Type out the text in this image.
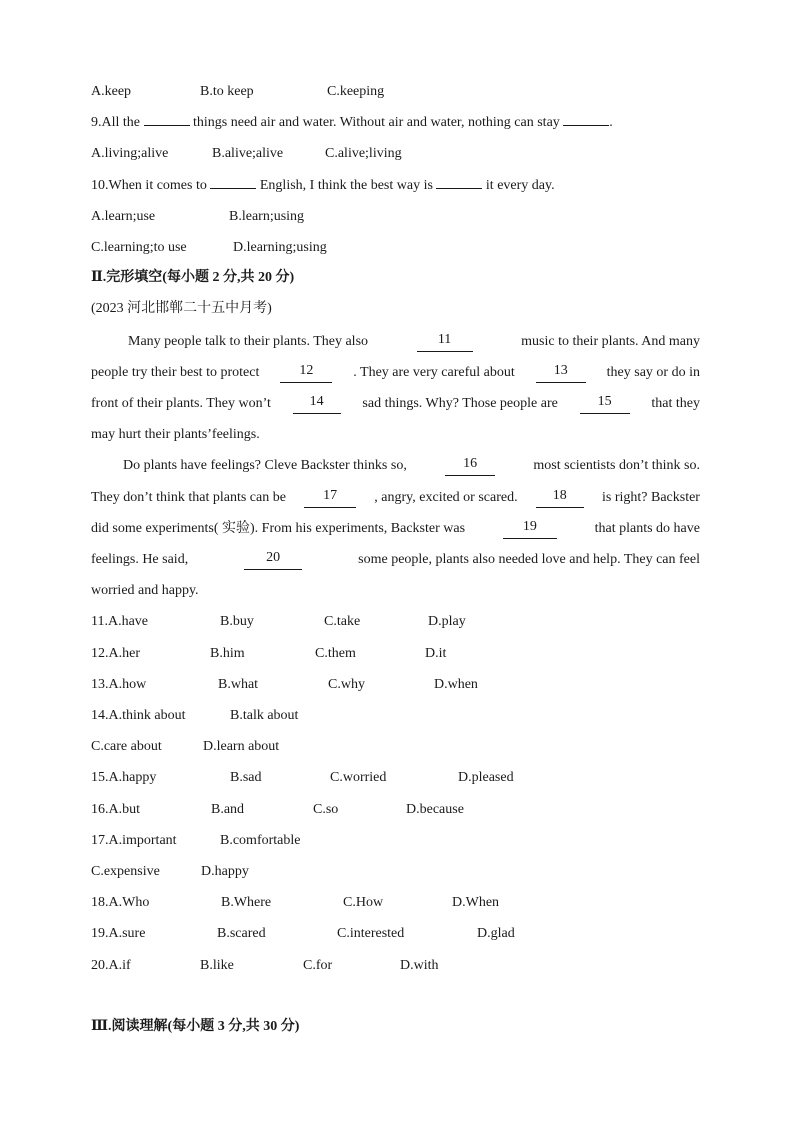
A.keep	B.to keep	C.keeping
9.All the	things need air and water. Without air and water, nothing can stay	.
A.living;alive	B.alive;alive	C.alive;living
10.When it comes to	English, I think the best way is	it every day.
A.learn;use	B.learn;using
C.learning;to use	D.learning;using
Ⅱ.完形填空(每小题 2 分,共 20 分)
(2023 河北邯郸二十五中月考)
Many people talk to their plants. They also	11	music to their plants. And many
people try their best to protect	12	. They are very careful about	13	they say or do in
front of their plants. They won’t	14	sad things. Why? Those people are	15	that they
may hurt their plants’feelings.
Do plants have feelings? Cleve Backster thinks so,	16	most scientists don’t think so.
They don’t think that plants can be	17	, angry, excited or scared.	18	is right? Backster
did some experiments( 实验). From his experiments, Backster was	19	that plants do have
feelings. He said,	20	some people, plants also needed love and help. They can feel
worried and happy.
11.A.have	B.buy	C.take	D.play
12.A.her	B.him	C.them	D.it
13.A.how	B.what	C.why	D.when
14.A.think about	B.talk about
C.care about	D.learn about
15.A.happy	B.sad	C.worried	D.pleased
16.A.but	B.and	C.so	D.because
17.A.important	B.comfortable
C.expensive	D.happy
18.A.Who	B.Where	C.How	D.When
19.A.sure	B.scared	C.interested	D.glad
20.A.if	B.like	C.for	D.with
Ⅲ.阅读理解(每小题 3 分,共 30 分)
